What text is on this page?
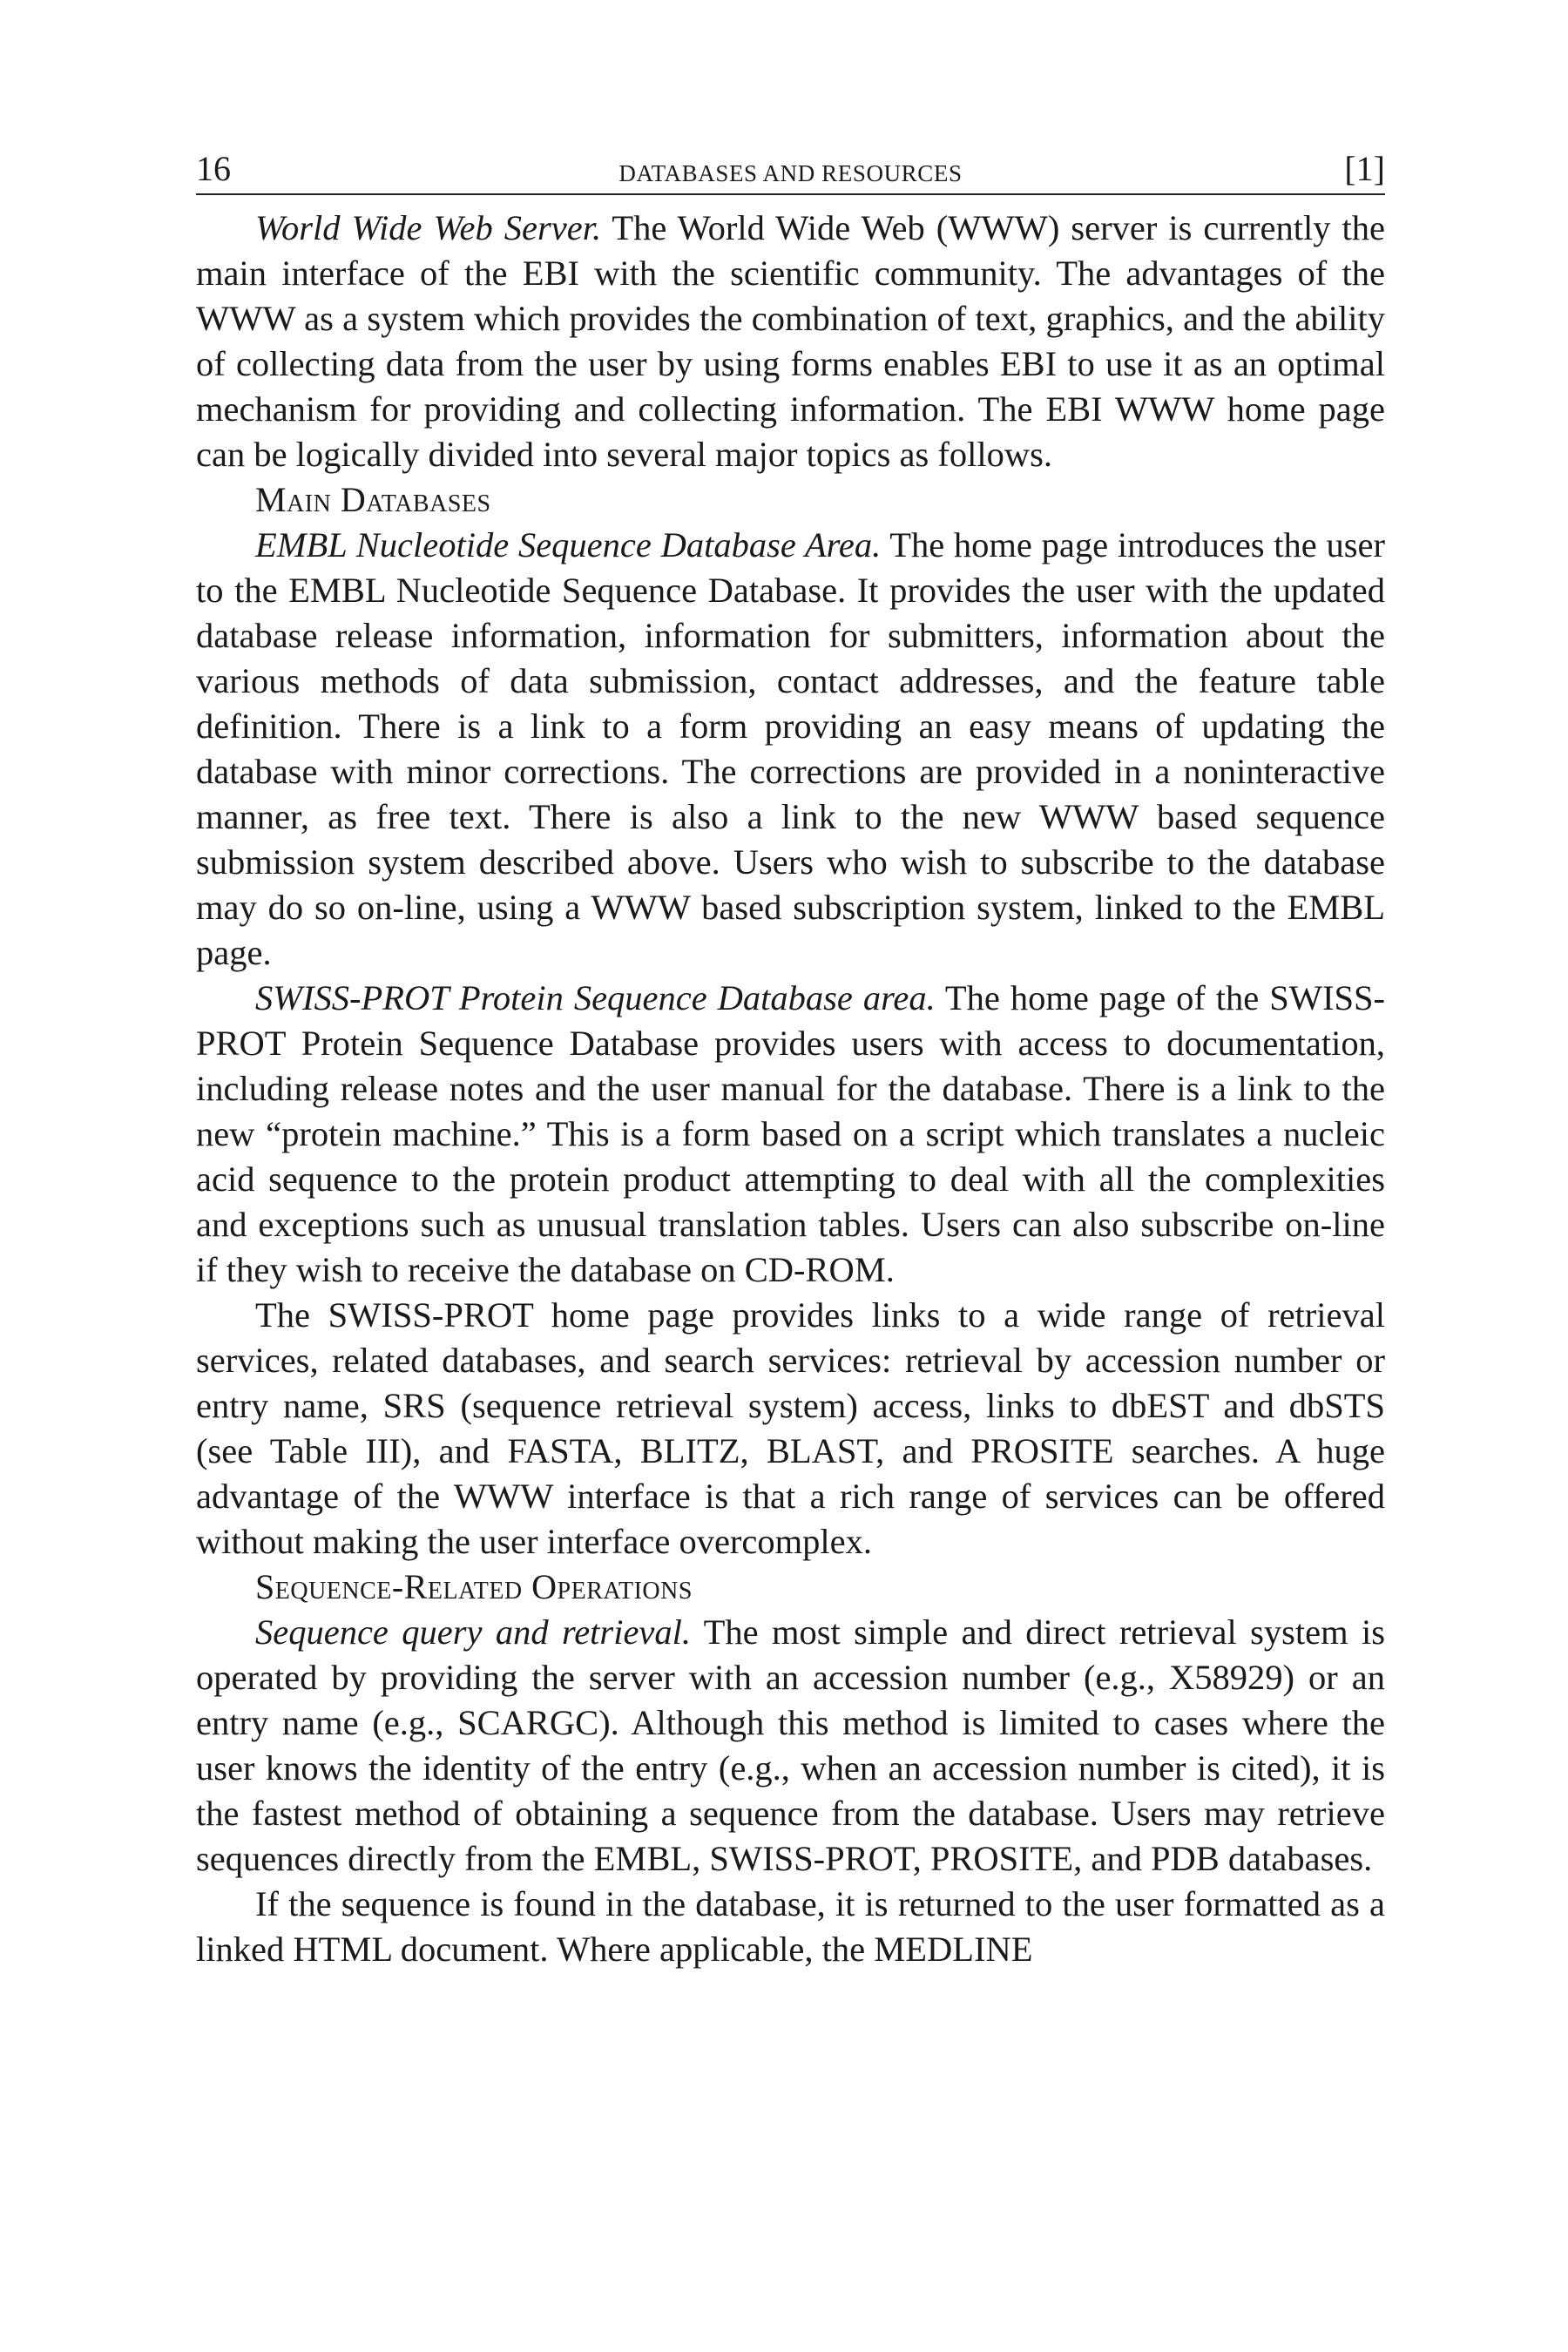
16	DATABASES AND RESOURCES	[1]

World Wide Web Server. The World Wide Web (WWW) server is currently the main interface of the EBI with the scientific community. The advantages of the WWW as a system which provides the combination of text, graphics, and the ability of collecting data from the user by using forms enables EBI to use it as an optimal mechanism for providing and collecting information. The EBI WWW home page can be logically divided into several major topics as follows.

Main Databases

EMBL Nucleotide Sequence Database Area. The home page introduces the user to the EMBL Nucleotide Sequence Database. It provides the user with the updated database release information, information for submitters, information about the various methods of data submission, contact addresses, and the feature table definition. There is a link to a form providing an easy means of updating the database with minor corrections. The corrections are provided in a noninteractive manner, as free text. There is also a link to the new WWW based sequence submission system described above. Users who wish to subscribe to the database may do so on-line, using a WWW based subscription system, linked to the EMBL page.

SWISS-PROT Protein Sequence Database area. The home page of the SWISS-PROT Protein Sequence Database provides users with access to documentation, including release notes and the user manual for the database. There is a link to the new “protein machine.” This is a form based on a script which translates a nucleic acid sequence to the protein product attempting to deal with all the complexities and exceptions such as unusual translation tables. Users can also subscribe on-line if they wish to receive the database on CD-ROM.

The SWISS-PROT home page provides links to a wide range of retrieval services, related databases, and search services: retrieval by accession number or entry name, SRS (sequence retrieval system) access, links to dbEST and dbSTS (see Table III), and FASTA, BLITZ, BLAST, and PROSITE searches. A huge advantage of the WWW interface is that a rich range of services can be offered without making the user interface overcomplex.

Sequence-Related Operations

Sequence query and retrieval. The most simple and direct retrieval system is operated by providing the server with an accession number (e.g., X58929) or an entry name (e.g., SCARGC). Although this method is limited to cases where the user knows the identity of the entry (e.g., when an accession number is cited), it is the fastest method of obtaining a sequence from the database. Users may retrieve sequences directly from the EMBL, SWISS-PROT, PROSITE, and PDB databases.

If the sequence is found in the database, it is returned to the user formatted as a linked HTML document. Where applicable, the MEDLINE
